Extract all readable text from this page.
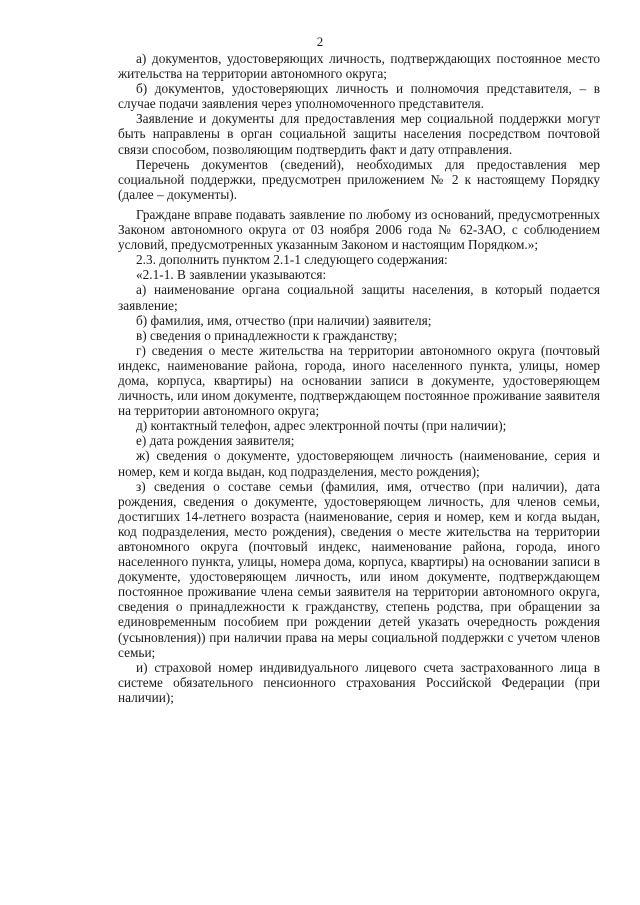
2

а) документов, удостоверяющих личность, подтверждающих постоянное место жительства на территории автономного округа;

б) документов, удостоверяющих личность и полномочия представителя, – в случае подачи заявления через уполномоченного представителя.

Заявление и документы для предоставления мер социальной поддержки могут быть направлены в орган социальной защиты населения посредством почтовой связи способом, позволяющим подтвердить факт и дату отправления.

Перечень документов (сведений), необходимых для предоставления мер социальной поддержки, предусмотрен приложением № 2 к настоящему Порядку (далее – документы).

Граждане вправе подавать заявление по любому из оснований, предусмотренных Законом автономного округа от 03 ноября 2006 года № 62-ЗАО, с соблюдением условий, предусмотренных указанным Законом и настоящим Порядком.»;

2.3. дополнить пунктом 2.1-1 следующего содержания:

«2.1-1. В заявлении указываются:

а) наименование органа социальной защиты населения, в который подается заявление;

б) фамилия, имя, отчество (при наличии) заявителя;

в) сведения о принадлежности к гражданству;

г) сведения о месте жительства на территории автономного округа (почтовый индекс, наименование района, города, иного населенного пункта, улицы, номер дома, корпуса, квартиры) на основании записи в документе, удостоверяющем личность, или ином документе, подтверждающем постоянное проживание заявителя на территории автономного округа;

д) контактный телефон, адрес электронной почты (при наличии);

е) дата рождения заявителя;

ж) сведения о документе, удостоверяющем личность (наименование, серия и номер, кем и когда выдан, код подразделения, место рождения);

з) сведения о составе семьи (фамилия, имя, отчество (при наличии), дата рождения, сведения о документе, удостоверяющем личность, для членов семьи, достигших 14-летнего возраста (наименование, серия и номер, кем и когда выдан, код подразделения, место рождения), сведения о месте жительства на территории автономного округа (почтовый индекс, наименование района, города, иного населенного пункта, улицы, номера дома, корпуса, квартиры) на основании записи в документе, удостоверяющем личность, или ином документе, подтверждающем постоянное проживание члена семьи заявителя на территории автономного округа, сведения о принадлежности к гражданству, степень родства, при обращении за единовременным пособием при рождении детей указать очередность рождения (усыновления)) при наличии права на меры социальной поддержки с учетом членов семьи;

и) страховой номер индивидуального лицевого счета застрахованного лица в системе обязательного пенсионного страхования Российской Федерации (при наличии);
